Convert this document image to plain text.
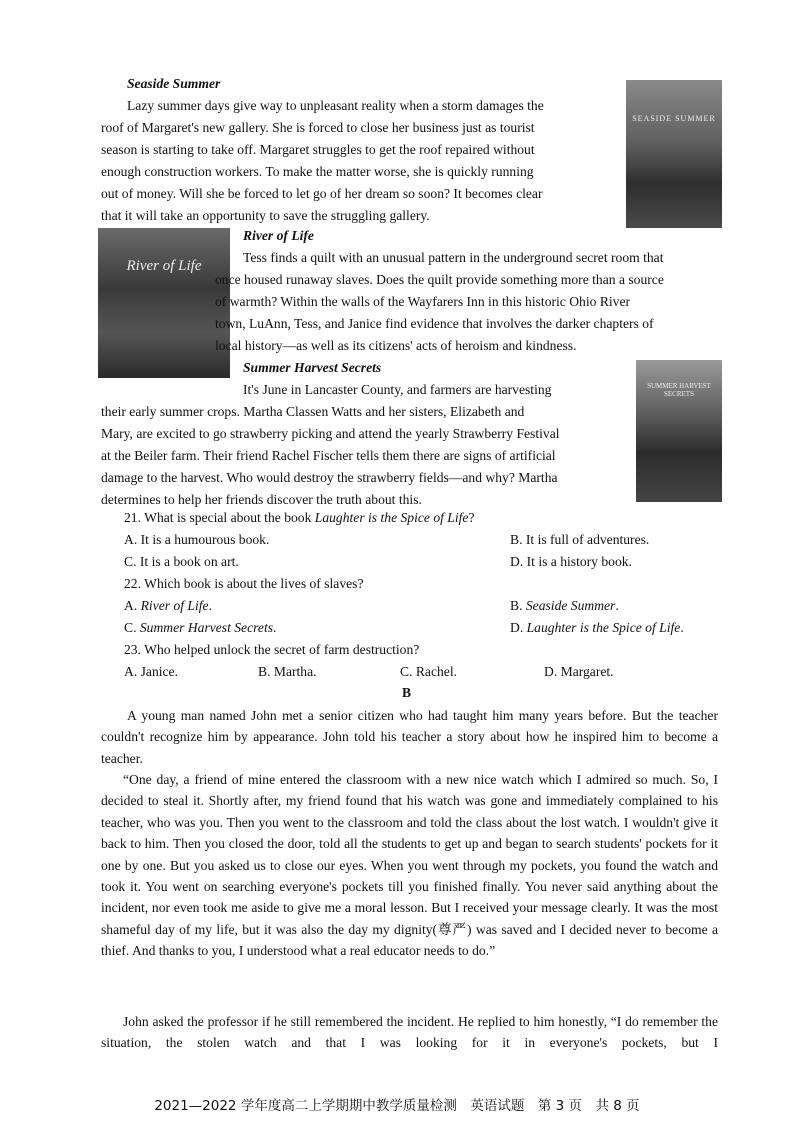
Seaside Summer
Lazy summer days give way to unpleasant reality when a storm damages the
roof of Margaret's new gallery. She is forced to close her business just as tourist
season is starting to take off. Margaret struggles to get the roof repaired without
enough construction workers. To make the matter worse, she is quickly running
out of money. Will she be forced to let go of her dream so soon? It becomes clear
that it will take an opportunity to save the struggling gallery.
SEASIDE SUMMER
River of Life
River of Life
Tess finds a quilt with an unusual pattern in the underground secret room that
once housed runaway slaves. Does the quilt provide something more than a source
of warmth? Within the walls of the Wayfarers Inn in this historic Ohio River
town, LuAnn, Tess, and Janice find evidence that involves the darker chapters of
local history—as well as its citizens' acts of heroism and kindness.
Summer Harvest Secrets
It's June in Lancaster County, and farmers are harvesting
their early summer crops. Martha Classen Watts and her sisters, Elizabeth and
Mary, are excited to go strawberry picking and attend the yearly Strawberry Festival
at the Beiler farm. Their friend Rachel Fischer tells them there are signs of artificial
damage to the harvest. Who would destroy the strawberry fields—and why? Martha
determines to help her friends discover the truth about this.
SUMMER HARVEST SECRETS
21. What is special about the book Laughter is the Spice of Life?
A. It is a humourous book.	B. It is full of adventures.
C. It is a book on art.	D. It is a history book.
22. Which book is about the lives of slaves?
A. River of Life.	B. Seaside Summer.
C. Summer Harvest Secrets.	D. Laughter is the Spice of Life.
23. Who helped unlock the secret of farm destruction?
A. Janice.	B. Martha.	C. Rachel.	D. Margaret.
B
A young man named John met a senior citizen who had taught him many years before. But the teacher couldn't recognize him by appearance. John told his teacher a story about how he inspired him to become a teacher.
“One day, a friend of mine entered the classroom with a new nice watch which I admired so much. So, I decided to steal it. Shortly after, my friend found that his watch was gone and immediately complained to his teacher, who was you. Then you went to the classroom and told the class about the lost watch. I wouldn't give it back to him. Then you closed the door, told all the students to get up and began to search students' pockets for it one by one. But you asked us to close our eyes. When you went through my pockets, you found the watch and took it. You went on searching everyone's pockets till you finished finally. You never said anything about the incident, nor even took me aside to give me a moral lesson. But I received your message clearly. It was the most shameful day of my life, but it was also the day my dignity(尊严) was saved and I decided never to become a thief. And thanks to you, I understood what a real educator needs to do.”
John asked the professor if he still remembered the incident. He replied to him honestly, “I do remember the situation, the stolen watch and that I was looking for it in everyone's pockets, but I
2021—2022 学年度高二上学期期中教学质量检测　英语试题　第 3 页　共 8 页
